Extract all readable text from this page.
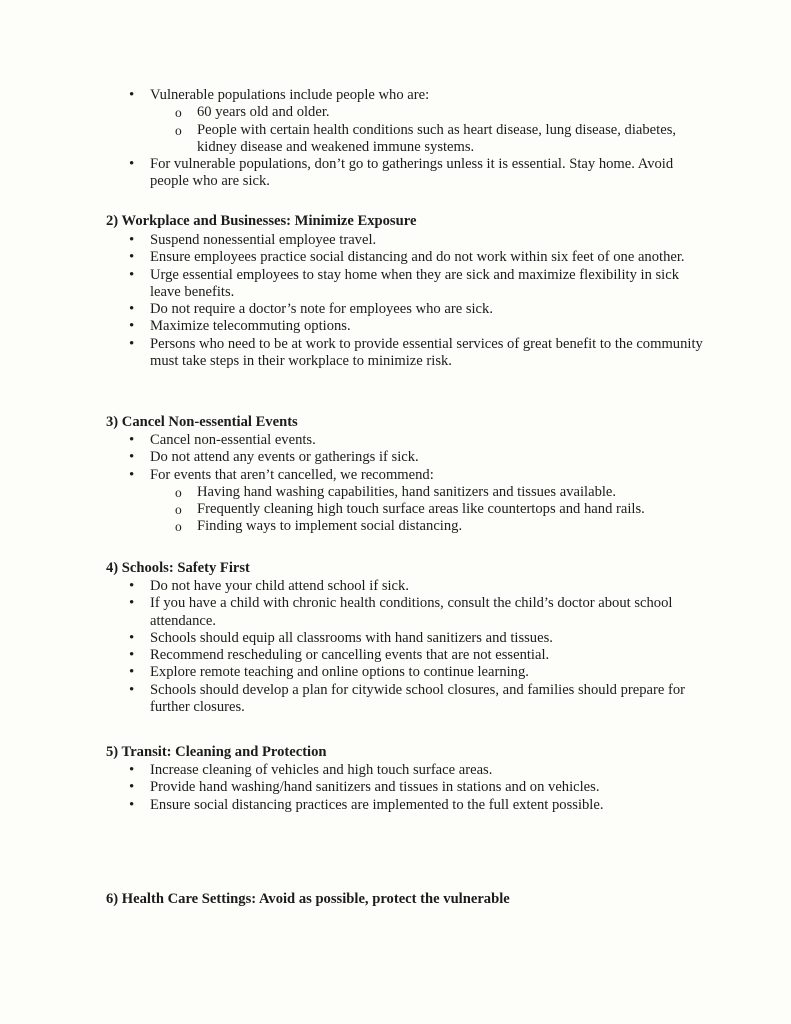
• Vulnerable populations include people who are:
o 60 years old and older.
o People with certain health conditions such as heart disease, lung disease, diabetes, kidney disease and weakened immune systems.
• For vulnerable populations, don’t go to gatherings unless it is essential. Stay home. Avoid people who are sick.
2) Workplace and Businesses: Minimize Exposure
• Suspend nonessential employee travel.
• Ensure employees practice social distancing and do not work within six feet of one another.
• Urge essential employees to stay home when they are sick and maximize flexibility in sick leave benefits.
• Do not require a doctor’s note for employees who are sick.
• Maximize telecommuting options.
• Persons who need to be at work to provide essential services of great benefit to the community must take steps in their workplace to minimize risk.
3) Cancel Non-essential Events
• Cancel non-essential events.
• Do not attend any events or gatherings if sick.
• For events that aren’t cancelled, we recommend:
o Having hand washing capabilities, hand sanitizers and tissues available.
o Frequently cleaning high touch surface areas like countertops and hand rails.
o Finding ways to implement social distancing.
4) Schools: Safety First
• Do not have your child attend school if sick.
• If you have a child with chronic health conditions, consult the child’s doctor about school attendance.
• Schools should equip all classrooms with hand sanitizers and tissues.
• Recommend rescheduling or cancelling events that are not essential.
• Explore remote teaching and online options to continue learning.
• Schools should develop a plan for citywide school closures, and families should prepare for further closures.
5) Transit: Cleaning and Protection
• Increase cleaning of vehicles and high touch surface areas.
• Provide hand washing/hand sanitizers and tissues in stations and on vehicles.
• Ensure social distancing practices are implemented to the full extent possible.
6) Health Care Settings: Avoid as possible, protect the vulnerable
